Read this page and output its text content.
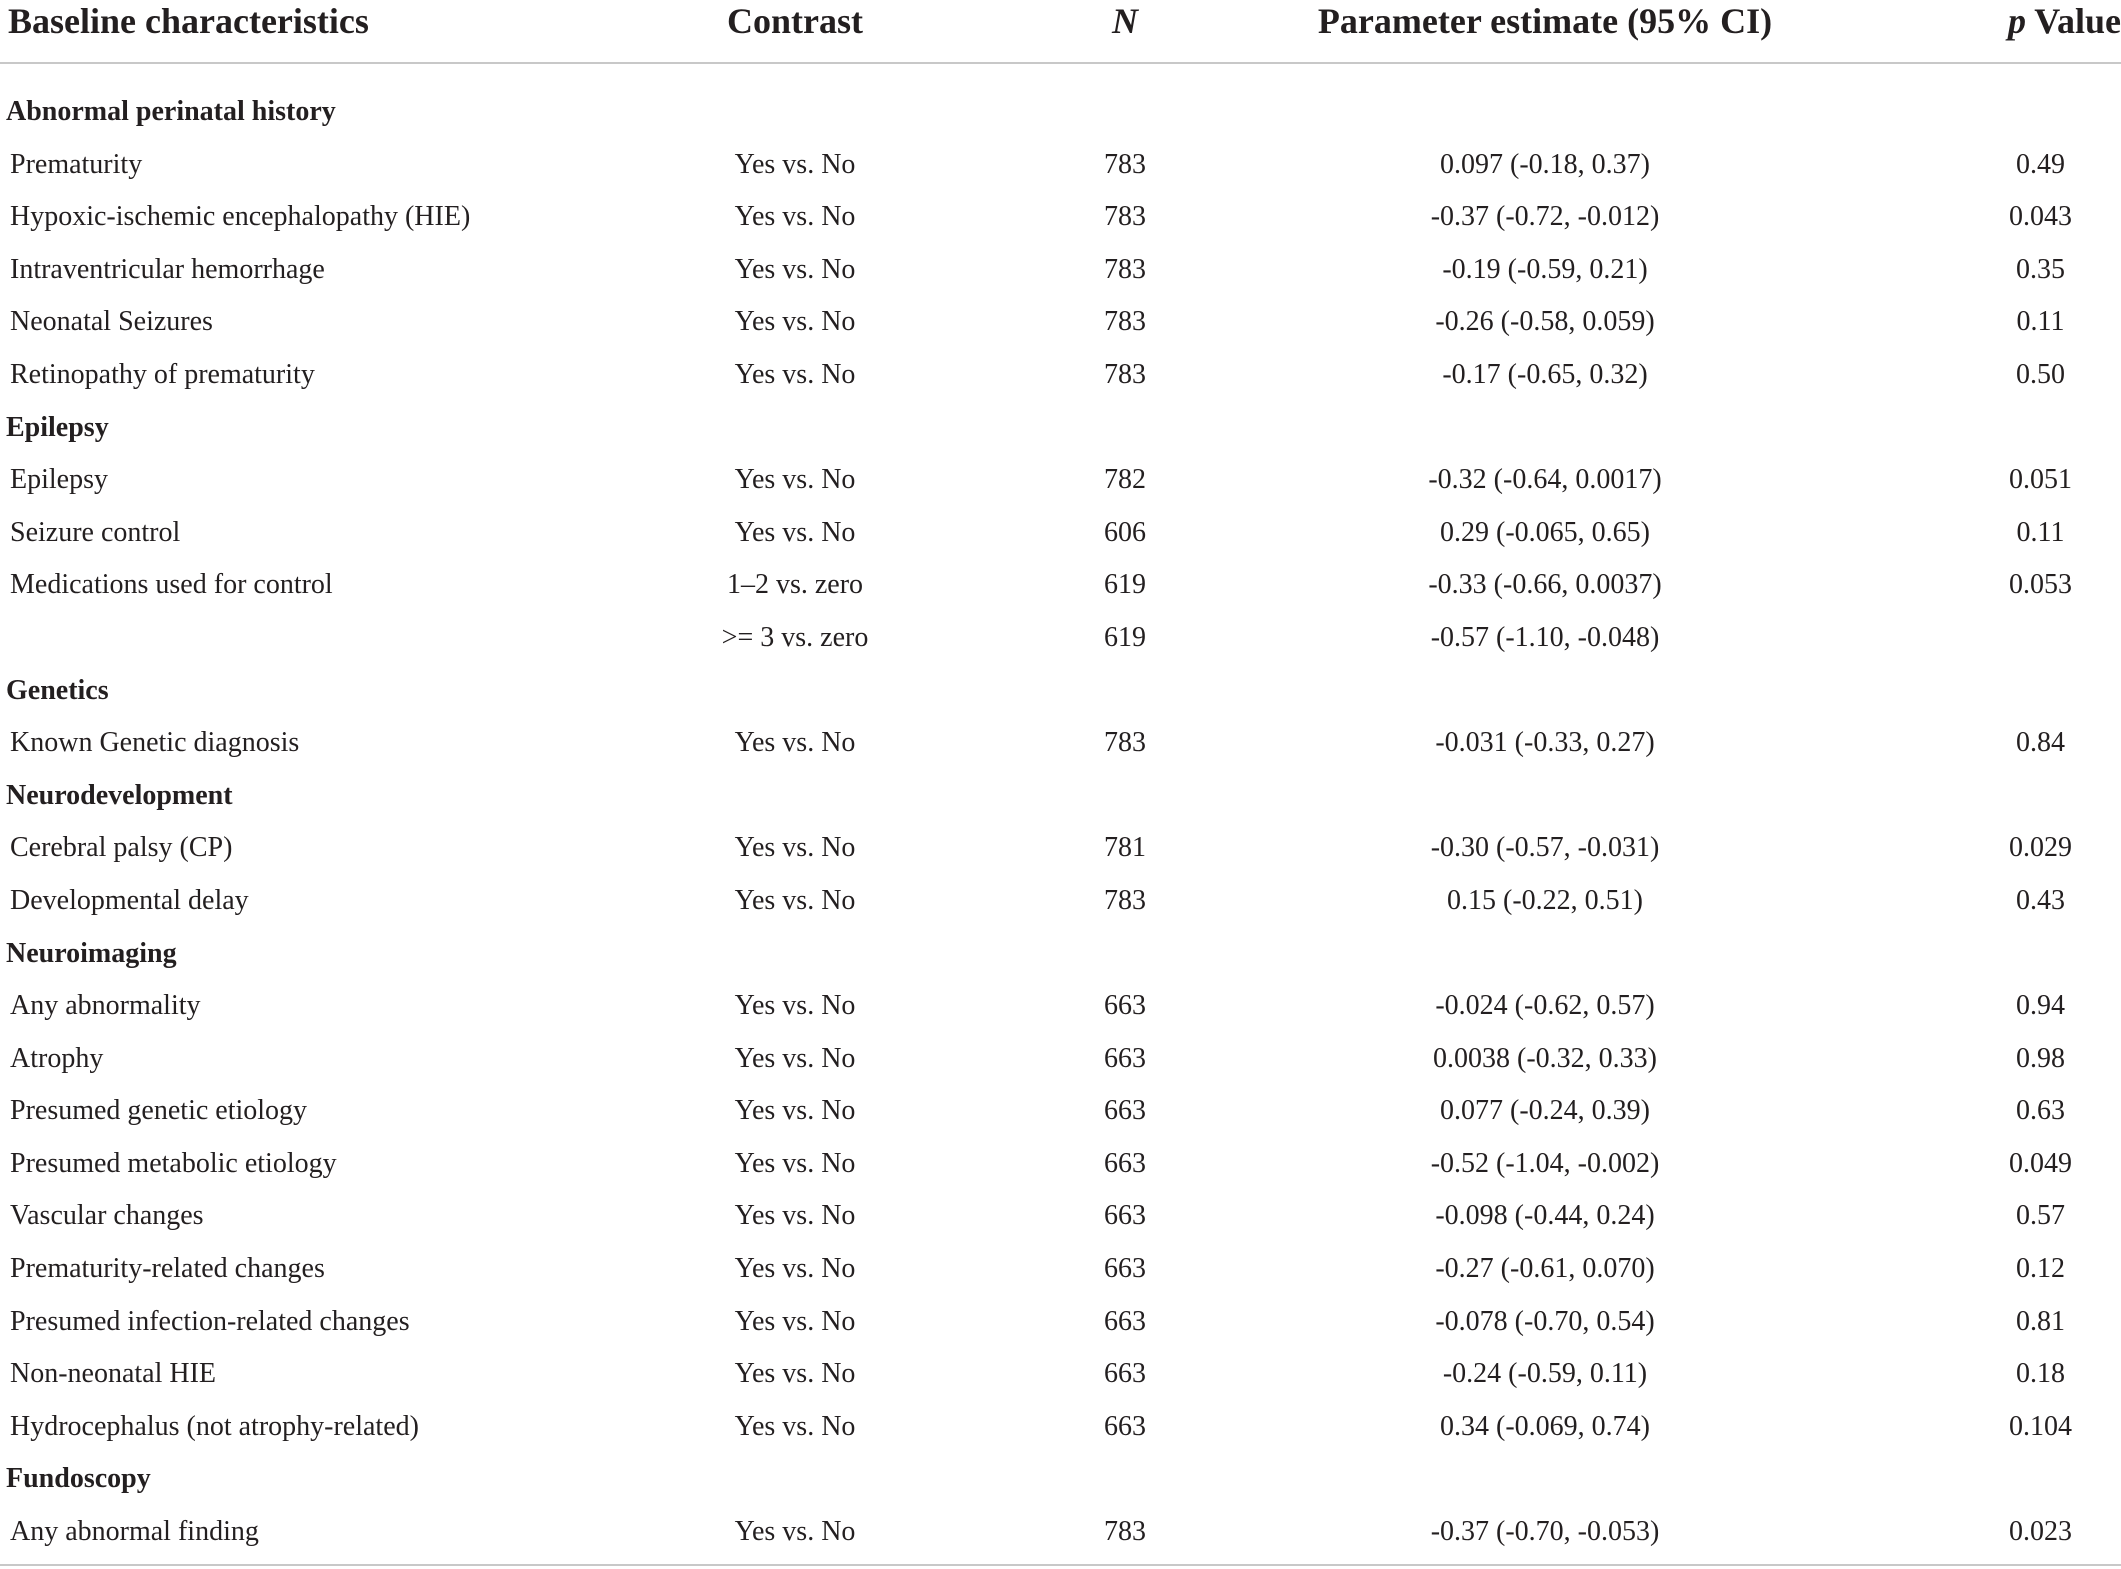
Baseline characteristics	Contrast	N	Parameter estimate (95% CI)	p Value

Abnormal perinatal history				
Prematurity	Yes vs. No	783	0.097 (-0.18, 0.37)	0.49
Hypoxic-ischemic encephalopathy (HIE)	Yes vs. No	783	-0.37 (-0.72, -0.012)	0.043
Intraventricular hemorrhage	Yes vs. No	783	-0.19 (-0.59, 0.21)	0.35
Neonatal Seizures	Yes vs. No	783	-0.26 (-0.58, 0.059)	0.11
Retinopathy of prematurity	Yes vs. No	783	-0.17 (-0.65, 0.32)	0.50
Epilepsy				
Epilepsy	Yes vs. No	782	-0.32 (-0.64, 0.0017)	0.051
Seizure control	Yes vs. No	606	0.29 (-0.065, 0.65)	0.11
Medications used for control	1–2 vs. zero	619	-0.33 (-0.66, 0.0037)	0.053
	>= 3 vs. zero	619	-0.57 (-1.10, -0.048)	
Genetics				
Known Genetic diagnosis	Yes vs. No	783	-0.031 (-0.33, 0.27)	0.84
Neurodevelopment				
Cerebral palsy (CP)	Yes vs. No	781	-0.30 (-0.57, -0.031)	0.029
Developmental delay	Yes vs. No	783	0.15 (-0.22, 0.51)	0.43
Neuroimaging				
Any abnormality	Yes vs. No	663	-0.024 (-0.62, 0.57)	0.94
Atrophy	Yes vs. No	663	0.0038 (-0.32, 0.33)	0.98
Presumed genetic etiology	Yes vs. No	663	0.077 (-0.24, 0.39)	0.63
Presumed metabolic etiology	Yes vs. No	663	-0.52 (-1.04, -0.002)	0.049
Vascular changes	Yes vs. No	663	-0.098 (-0.44, 0.24)	0.57
Prematurity-related changes	Yes vs. No	663	-0.27 (-0.61, 0.070)	0.12
Presumed infection-related changes	Yes vs. No	663	-0.078 (-0.70, 0.54)	0.81
Non-neonatal HIE	Yes vs. No	663	-0.24 (-0.59, 0.11)	0.18
Hydrocephalus (not atrophy-related)	Yes vs. No	663	0.34 (-0.069, 0.74)	0.104
Fundoscopy				
Any abnormal finding	Yes vs. No	783	-0.37 (-0.70, -0.053)	0.023
